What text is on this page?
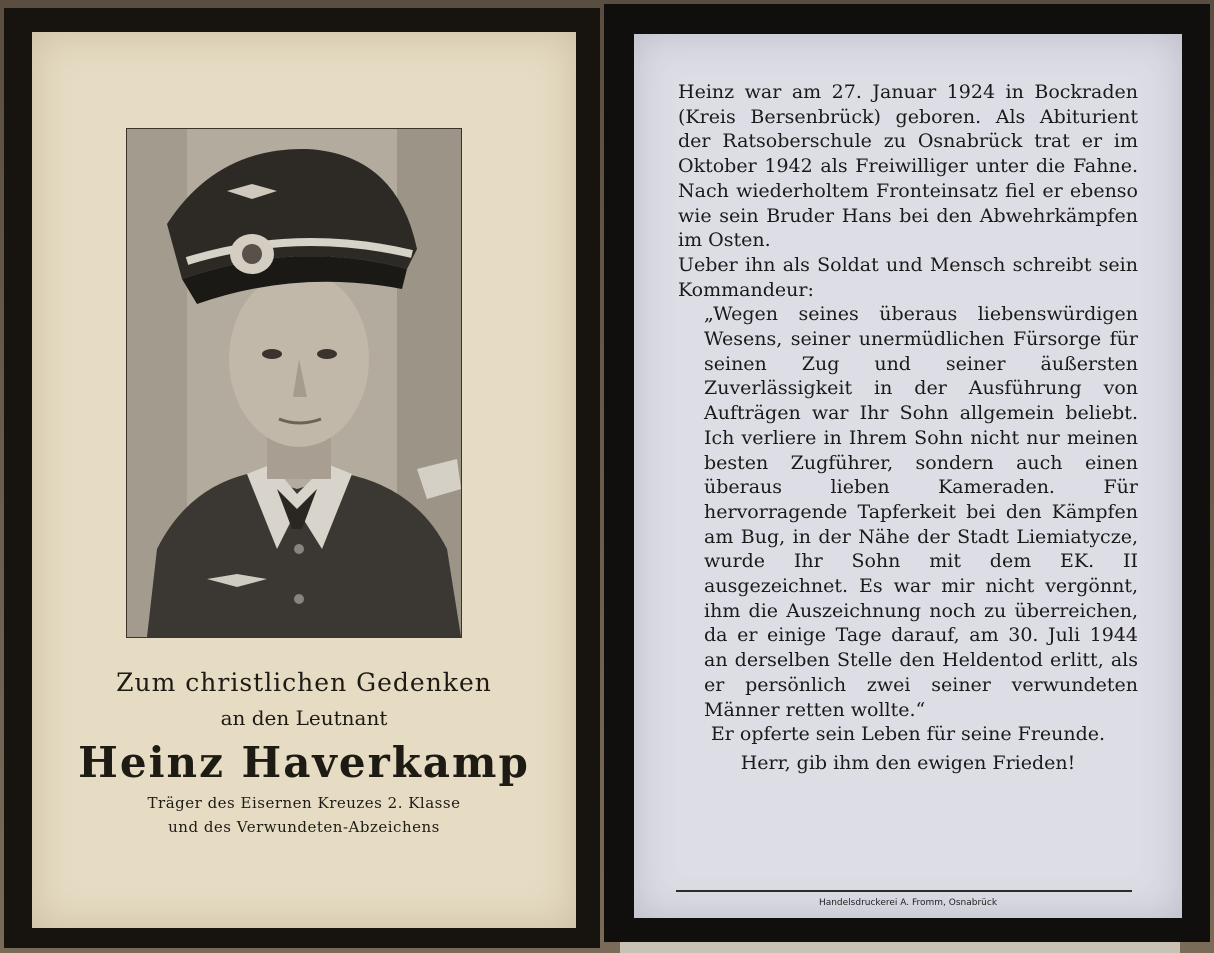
Zum christlichen Gedenken
an den Leutnant
Heinz Haverkamp
Träger des Eisernen Kreuzes 2. Klasse
und des Verwundeten-Abzeichens

Heinz war am 27. Januar 1924 in Bockraden (Kreis Bersenbrück) geboren. Als Abiturient der Ratsoberschule zu Osnabrück trat er im Oktober 1942 als Freiwilliger unter die Fahne. Nach wiederholtem Fronteinsatz fiel er ebenso wie sein Bruder Hans bei den Abwehrkämpfen im Osten.

Ueber ihn als Soldat und Mensch schreibt sein Kommandeur:

„Wegen seines überaus liebenswürdigen Wesens, seiner unermüdlichen Fürsorge für seinen Zug und seiner äußersten Zuverlässigkeit in der Ausführung von Aufträgen war Ihr Sohn allgemein beliebt. Ich verliere in Ihrem Sohn nicht nur meinen besten Zugführer, sondern auch einen überaus lieben Kameraden. Für hervorragende Tapferkeit bei den Kämpfen am Bug, in der Nähe der Stadt Liemiatycze, wurde Ihr Sohn mit dem EK. II ausgezeichnet. Es war mir nicht vergönnt, ihm die Auszeichnung noch zu überreichen, da er einige Tage darauf, am 30. Juli 1944 an derselben Stelle den Heldentod erlitt, als er persönlich zwei seiner verwundeten Männer retten wollte.“

Er opferte sein Leben für seine Freunde.

Herr, gib ihm den ewigen Frieden!

Handelsdruckerei A. Fromm, Osnabrück
